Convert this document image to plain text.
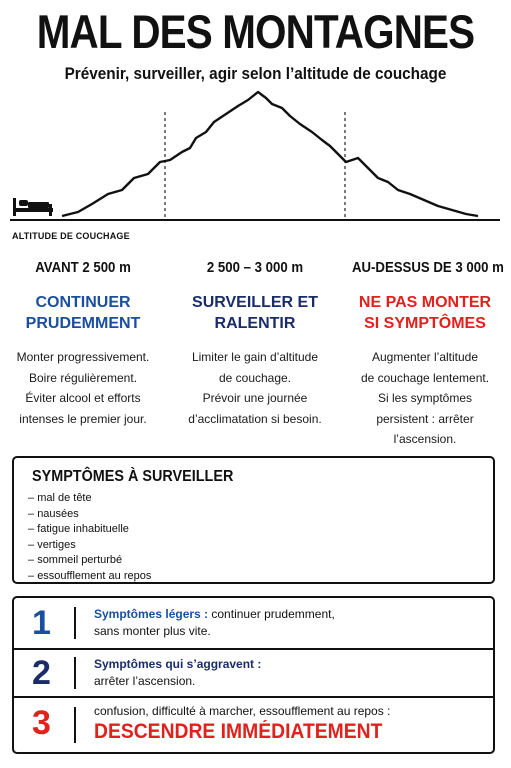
MAL DES MONTAGNES
Prévenir, surveiller, agir selon l’altitude de couchage
ALTITUDE DE COUCHAGE
AVANT 2 500 m
CONTINUER
PRUDEMMENT
Monter progressivement.
Boire régulièrement.
Éviter alcool et efforts
intenses le premier jour.
2 500 – 3 000 m
SURVEILLER ET
RALENTIR
Limiter le gain d’altitude
de couchage.
Prévoir une journée
d’acclimatation si besoin.
AU-DESSUS DE 3 000 m
NE PAS MONTER
SI SYMPTÔMES
Augmenter l’altitude
de couchage lentement.
Si les symptômes
persistent : arrêter
l’ascension.
SYMPTÔMES À SURVEILLER
– mal de tête
– nausées
– fatigue inhabituelle
– vertiges
– sommeil perturbé
– essoufflement au repos
1	Symptômes légers : continuer prudemment,
sans monter plus vite.
2	Symptômes qui s’aggravent :
arrêter l’ascension.
3	confusion, difficulté à marcher, essoufflement au repos :
DESCENDRE IMMÉDIATEMENT
